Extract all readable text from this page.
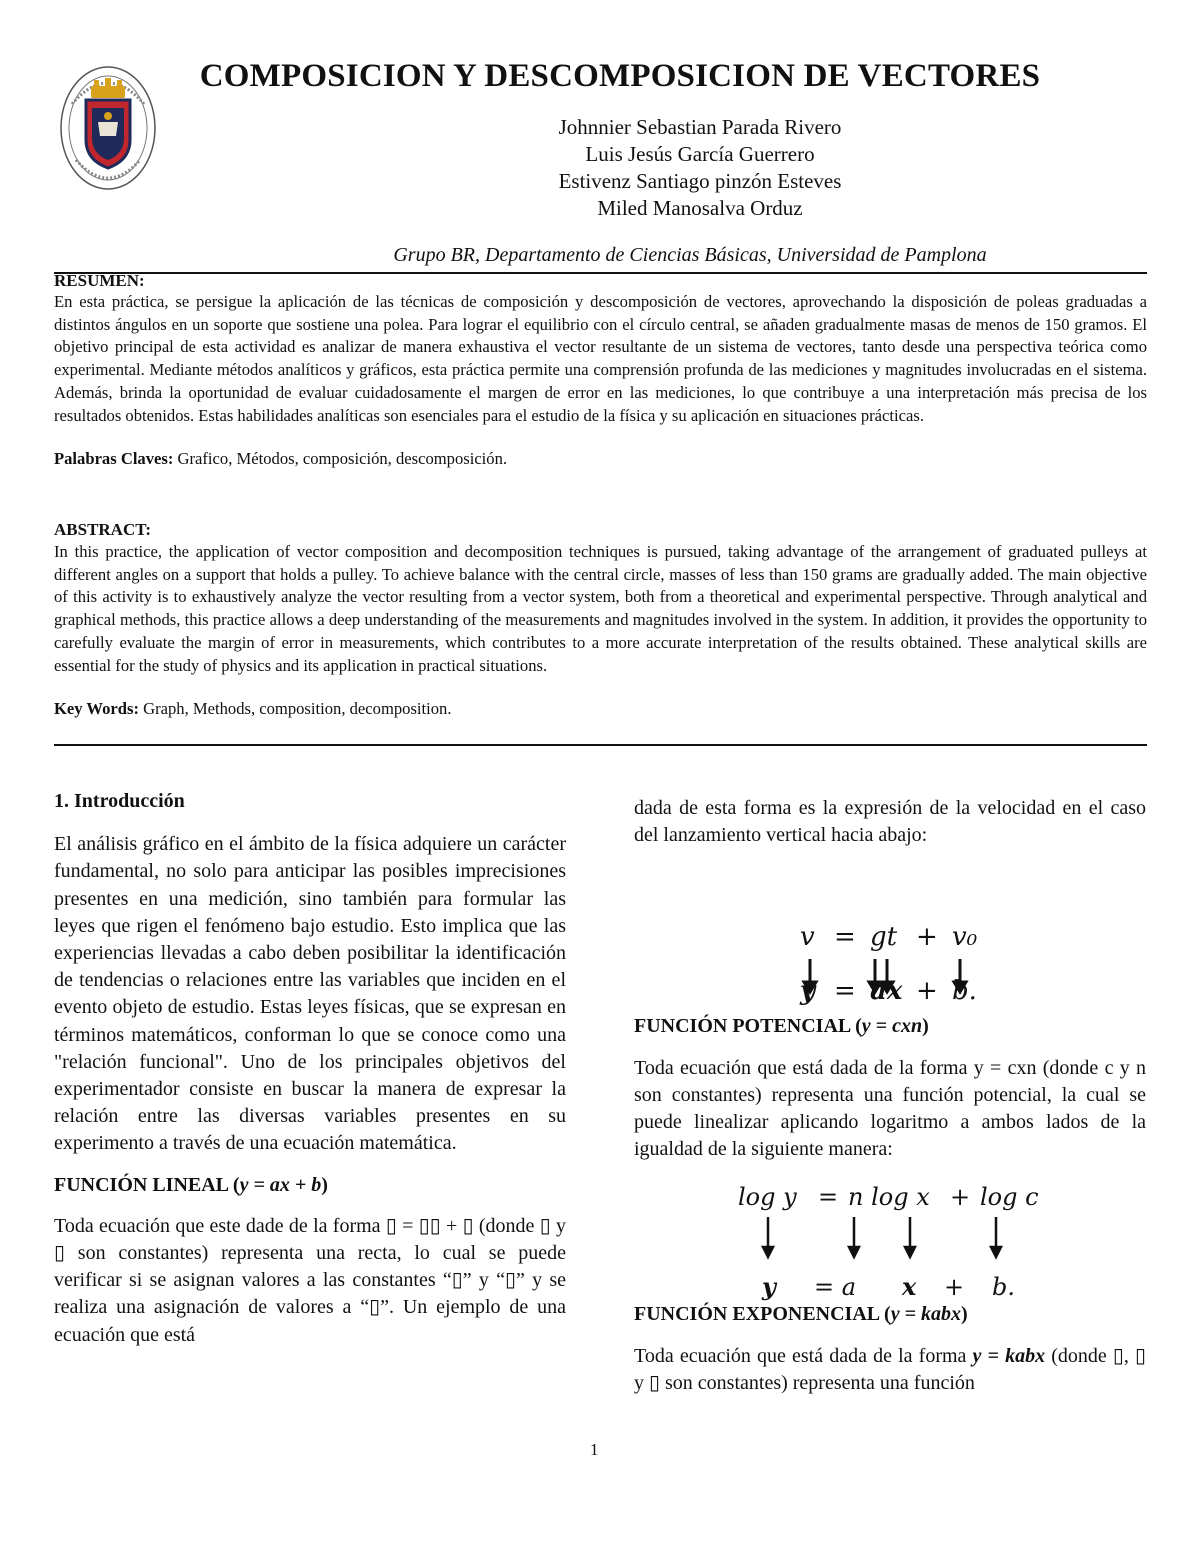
COMPOSICION Y DESCOMPOSICION DE VECTORES
Johnnier Sebastian Parada Rivero
Luis Jesús García Guerrero
Estivenz Santiago pinzón Esteves
Miled Manosalva Orduz
Grupo BR, Departamento de Ciencias Básicas, Universidad de Pamplona
RESUMEN:

En esta práctica, se persigue la aplicación de las técnicas de composición y descomposición de vectores, aprovechando la disposición de poleas graduadas a distintos ángulos en un soporte que sostiene una polea. Para lograr el equilibrio con el círculo central, se añaden gradualmente masas de menos de 150 gramos. El objetivo principal de esta actividad es analizar de manera exhaustiva el vector resultante de un sistema de vectores, tanto desde una perspectiva teórica como experimental. Mediante métodos analíticos y gráficos, esta práctica permite una comprensión profunda de las mediciones y magnitudes involucradas en el sistema. Además, brinda la oportunidad de evaluar cuidadosamente el margen de error en las mediciones, lo que contribuye a una interpretación más precisa de los resultados obtenidos. Estas habilidades analíticas son esenciales para el estudio de la física y su aplicación en situaciones prácticas.

Palabras Claves: Grafico, Métodos, composición, descomposición.

ABSTRACT:

In this practice, the application of vector composition and decomposition techniques is pursued, taking advantage of the arrangement of graduated pulleys at different angles on a support that holds a pulley. To achieve balance with the central circle, masses of less than 150 grams are gradually added. The main objective of this activity is to exhaustively analyze the vector resulting from a vector system, both from a theoretical and experimental perspective. Through analytical and graphical methods, this practice allows a deep understanding of the measurements and magnitudes involved in the system. In addition, it provides the opportunity to carefully evaluate the margin of error in measurements, which contributes to a more accurate interpretation of the results obtained. These analytical skills are essential for the study of physics and its application in practical situations.

Key Words: Graph, Methods, composition, decomposition.

1. Introducción

El análisis gráfico en el ámbito de la física adquiere un carácter fundamental, no solo para anticipar las posibles imprecisiones presentes en una medición, sino también para formular las leyes que rigen el fenómeno bajo estudio. Esto implica que las experiencias llevadas a cabo deben posibilitar la identificación de tendencias o relaciones entre las variables que inciden en el evento objeto de estudio. Estas leyes físicas, que se expresan en términos matemáticos, conforman lo que se conoce como una "relación funcional". Uno de los principales objetivos del experimentador consiste en buscar la manera de expresar la relación entre las diversas variables presentes en su experimento a través de una ecuación matemática.

FUNCIÓN LINEAL (y = ax + b)

Toda ecuación que este dade de la forma ▯ = ▯▯ + ▯ (donde ▯ y ▯ son constantes) representa una recta, lo cual se puede verificar si se asignan valores a las constantes “▯” y “▯” y se realiza una asignación de valores a “▯”. Un ejemplo de una ecuación que está

dada de esta forma es la expresión de la velocidad en el caso del lanzamiento vertical hacia abajo:

v = gt + v₀
y = ax + b.
FUNCIÓN POTENCIAL (y = cxn)

Toda ecuación que está dada de la forma y = cxn (donde c y n son constantes) representa una función potencial, la cual se puede linealizar aplicando logaritmo a ambos lados de la igualdad de la siguiente manera:

log y = n log x + log c
y = a x + b.
FUNCIÓN EXPONENCIAL (y = kabx)

Toda ecuación que está dada de la forma y = kabx (donde ▯, ▯ y ▯ son constantes) representa una función

1
